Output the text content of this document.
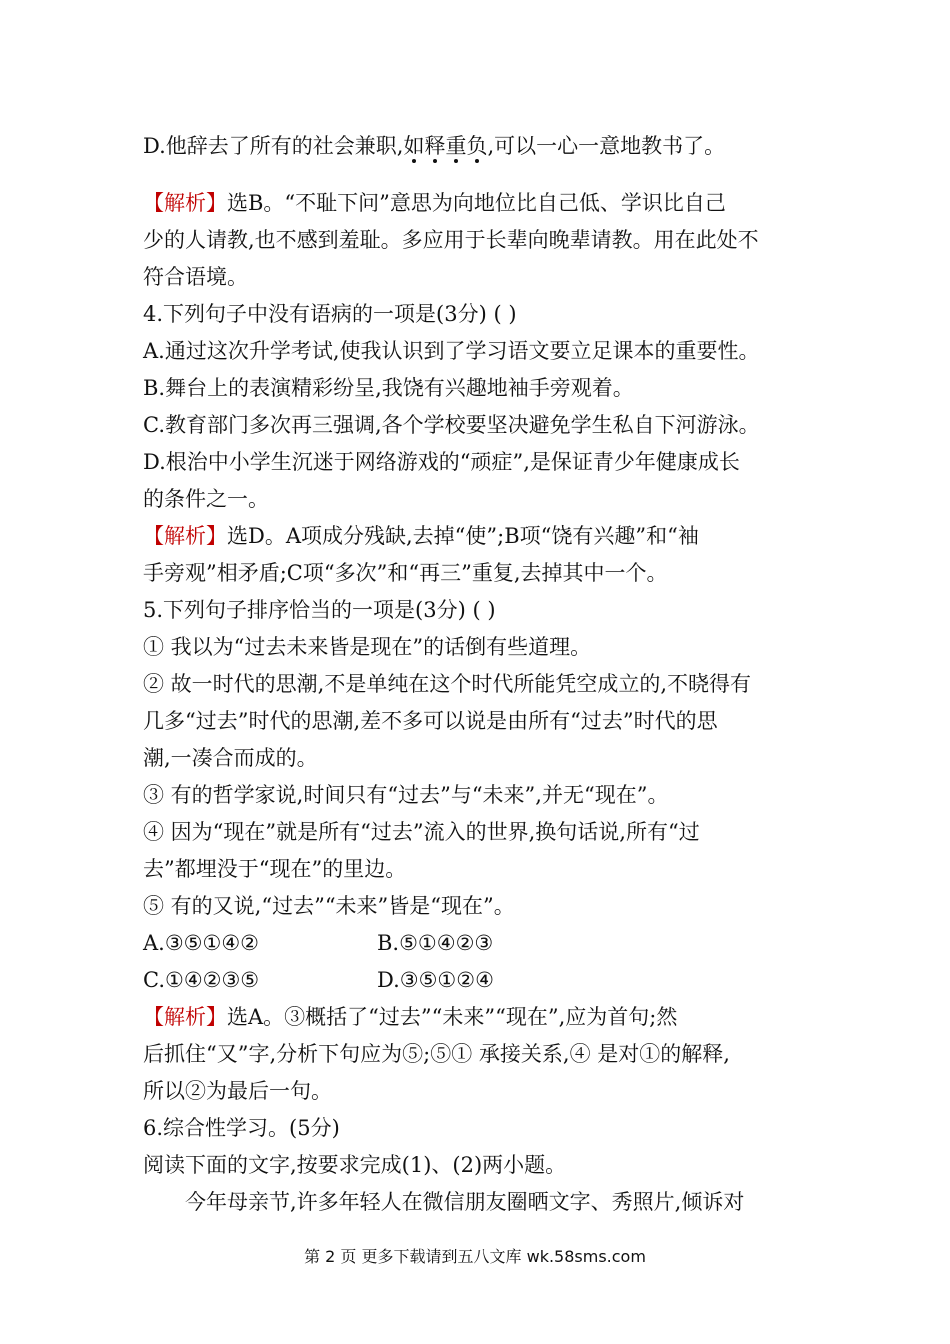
D.他辞去了所有的社会兼职,如释重负,可以一心一意地教书了。
【解析】选B。“不耻下问”意思为向地位比自己低、学识比自己
少的人请教,也不感到羞耻。多应用于长辈向晚辈请教。用在此处不
符合语境。
4.下列句子中没有语病的一项是(3分) ( )
A.通过这次升学考试,使我认识到了学习语文要立足课本的重要性。
B.舞台上的表演精彩纷呈,我饶有兴趣地袖手旁观着。
C.教育部门多次再三强调,各个学校要坚决避免学生私自下河游泳。
D.根治中小学生沉迷于网络游戏的“顽症”,是保证青少年健康成长
的条件之一。
【解析】选D。A项成分残缺,去掉“使”;B项“饶有兴趣”和“袖
手旁观”相矛盾;C项“多次”和“再三”重复,去掉其中一个。
5.下列句子排序恰当的一项是(3分) ( )
① 我以为“过去未来皆是现在”的话倒有些道理。
② 故一时代的思潮,不是单纯在这个时代所能凭空成立的,不晓得有
几多“过去”时代的思潮,差不多可以说是由所有“过去”时代的思
潮,一凑合而成的。
③ 有的哲学家说,时间只有“过去”与“未来”,并无“现在”。
④ 因为“现在”就是所有“过去”流入的世界,换句话说,所有“过
去”都埋没于“现在”的里边。
⑤ 有的又说,“过去”“未来”皆是“现在”。
A.③⑤①④②	B.⑤①④②③
C.①④②③⑤	D.③⑤①②④
【解析】选A。③概括了“过去”“未来”“现在”,应为首句;然
后抓住“又”字,分析下句应为⑤;⑤① 承接关系,④ 是对①的解释,
所以②为最后一句。
6.综合性学习。(5分)
阅读下面的文字,按要求完成(1)、(2)两小题。
今年母亲节,许多年轻人在微信朋友圈晒文字、秀照片,倾诉对
第 2 页 更多下载请到五八文库 wk.58sms.com
